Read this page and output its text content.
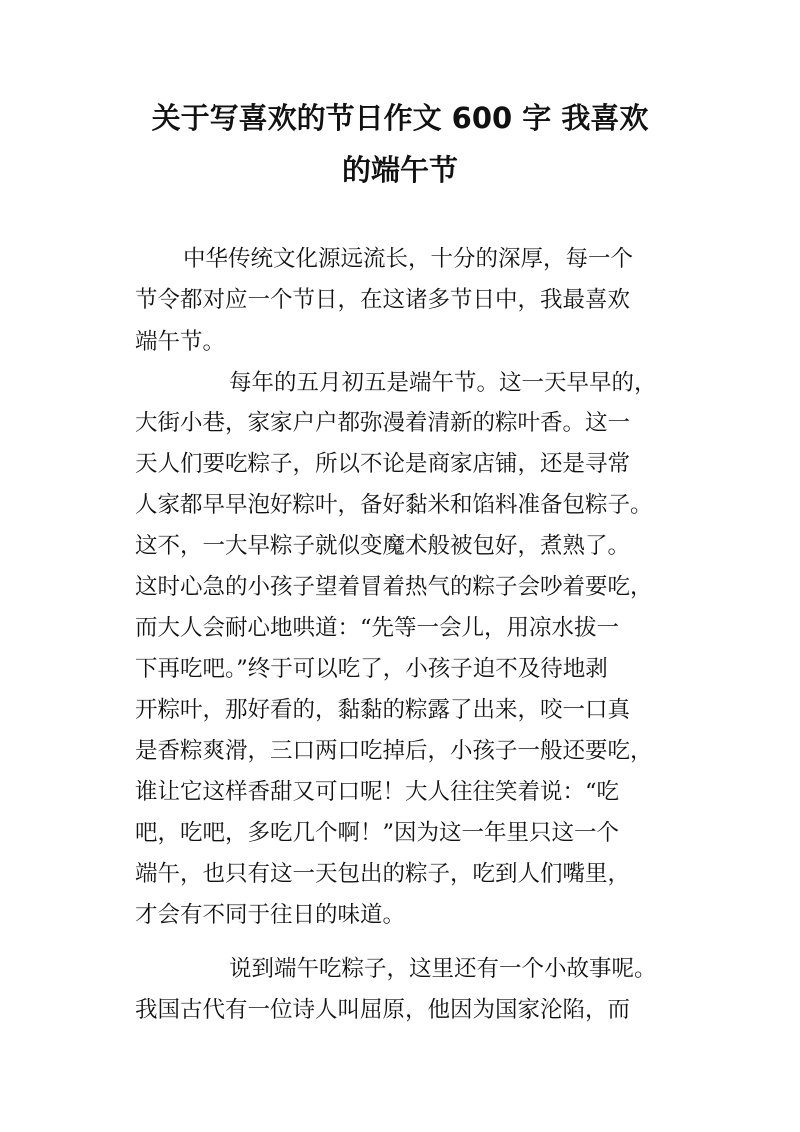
关于写喜欢的节日作文 600 字 我喜欢
的端午节

中华传统文化源远流长，十分的深厚，每一个

节令都对应一个节日，在这诸多节日中，我最喜欢

端午节。

每年的五月初五是端午节。这一天早早的，

大街小巷，家家户户都弥漫着清新的粽叶香。这一

天人们要吃粽子，所以不论是商家店铺，还是寻常

人家都早早泡好粽叶，备好黏米和馅料准备包粽子。

这不，一大早粽子就似变魔术般被包好，煮熟了。

这时心急的小孩子望着冒着热气的粽子会吵着要吃，

而大人会耐心地哄道：“先等一会儿，用凉水拔一

下再吃吧。”终于可以吃了，小孩子迫不及待地剥

开粽叶，那好看的，黏黏的粽露了出来，咬一口真

是香粽爽滑，三口两口吃掉后，小孩子一般还要吃，

谁让它这样香甜又可口呢！大人往往笑着说：“吃

吧，吃吧，多吃几个啊！”因为这一年里只这一个

端午，也只有这一天包出的粽子，吃到人们嘴里，

才会有不同于往日的味道。

说到端午吃粽子，这里还有一个小故事呢。

我国古代有一位诗人叫屈原，他因为国家沦陷，而
